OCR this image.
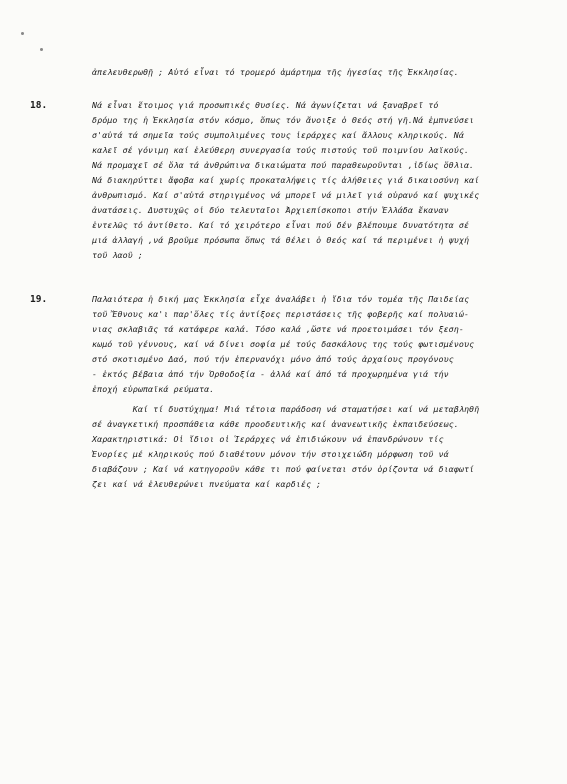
ἀπελευθερωθῇ ; Αὐτό εἶναι τό τρομερό ἁμάρτημα τῆς ἡγεσίας τῆς Ἐκκλησίας.
18.	Νά εἶναι ἕτοιμος γιά προσωπικές θυσίες. Νά ἀγωνίζεται νά ξαναβρεῖ τό
δρόμο της ἡ Ἐκκλησία στόν κόσμο, ὅπως τόν ἄνοιξε ὁ Θεός στή γῆ.Νά ἐμπνεύσει
σ'αὐτά τά σημεῖα τούς συμπολιμένες τους ἱεράρχες καί ἄλλους κληρικούς. Νά
καλεῖ σέ γόνιμη καί ἐλεύθερη συνεργασία τούς πιστούς τοῦ ποιμνίου λαϊκούς.
Νά προμαχεῖ σέ ὅλα τά ἀνθρώπινα δικαιώματα πού παραθεωροῦνται ,ἰδίως ὅθλια.
Νά διακηρύττει ἄφοβα καί χωρίς προκαταλήψεις τίς ἀλήθειες γιά δικαιοσύνη καί
ἀνθρωπισμό. Καί σ'αὐτά στηριγμένος νά μπορεῖ νά μιλεῖ γιά οὐρανό καί ψυχικές
ἀνατάσεις. Δυστυχῶς οἱ δύο τελευταῖοι Ἀρχιεπίσκοποι στήν Ἑλλάδα ἔκαναν
ἐντελῶς τό ἀντίθετο. Καί τό χειρότερο εἶναι πού δέν βλέπουμε δυνατότητα σέ
μιά ἀλλαγή ,νά βροῦμε πρόσωπα ὅπως τά θέλει ὁ Θεός καί τά περιμένει ἡ ψυχή
τοῦ λαοῦ ;
19.	Παλαιότερα ἡ δική μας Ἐκκλησία εἶχε ἀναλάβει ἡ ἴδια τόν τομέα τῆς Παιδείας
τοῦ Ἔθνους κα'ι παρ'ὅλες τίς ἀντίξοες περιστάσεις τῆς φοβερῆς καί πολυαιώ-
νιας σκλαβιᾶς τά κατάφερε καλά. Τόσο καλά ,ὥστε νά προετοιμάσει τόν ξεση-
κωμό τοῦ γέννους, καί νά δίνει σοφία μέ τούς δασκάλους της τούς φωτισμένους
στό σκοτισμένο Δαό, πού τήν ἐπερνανόχι μόνο ἀπό τούς ἀρχαίους προγόνους
- ἐκτός βέβαια ἀπό τήν Ὀρθοδοξία - ἀλλά καί ἀπό τά προχωρημένα γιά τήν
ἐποχή εὐρωπαϊκά ρεύματα.
Καί τί δυστύχημα! Μιά τέτοια παράδοση νά σταματήσει καί νά μεταβληθῆ
σέ ἀναγκετική προσπάθεια κάθε προοδευτικῆς καί ἀνανεωτικῆς ἐκπαιδεύσεως.
Χαρακτηριστικά: Οἱ ἴδιοι οἱ Ἱεράρχες νά ἐπιδιώκουν νά ἐπανδρώνουν τίς
Ἐνορίες μέ κληρικούς πού διαθέτουν μόνον τήν στοιχειώδη μόρφωση τοῦ νά
διαβάζουν ; Καί νά κατηγοροῦν κάθε τι πού φαίνεται στόν ὁρίζοντα νά διαφωτί
ζει καί νά ἐλευθερώνει πνεύματα καί καρδιές ;
